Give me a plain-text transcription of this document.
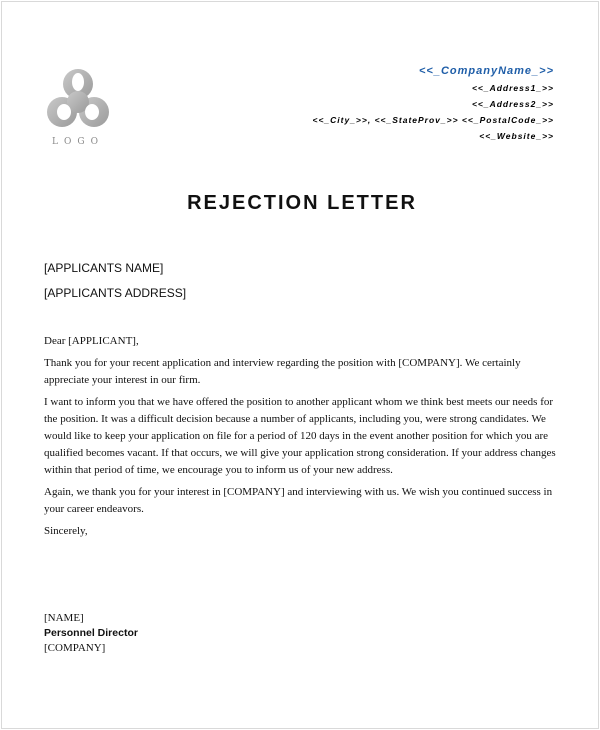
LOGO
<<_CompanyName_>>
<<_Address1_>>
<<_Address2_>>
<<_City_>>, <<_StateProv_>> <<_PostalCode_>>
<<_Website_>>
REJECTION LETTER
[APPLICANTS NAME]
[APPLICANTS ADDRESS]

Dear [APPLICANT],

Thank you for your recent application and interview regarding the position with [COMPANY]. We certainly appreciate your interest in our firm.

I want to inform you that we have offered the position to another applicant whom we think best meets our needs for the position. It was a difficult decision because a number of applicants, including you, were strong candidates. We would like to keep your application on file for a period of 120 days in the event another position for which you are qualified becomes vacant. If that occurs, we will give your application strong consideration. If your address changes within that period of time, we encourage you to inform us of your new address.

Again, we thank you for your interest in [COMPANY] and interviewing with us. We wish you continued success in your career endeavors.

Sincerely,

[NAME]
Personnel Director
[COMPANY]
